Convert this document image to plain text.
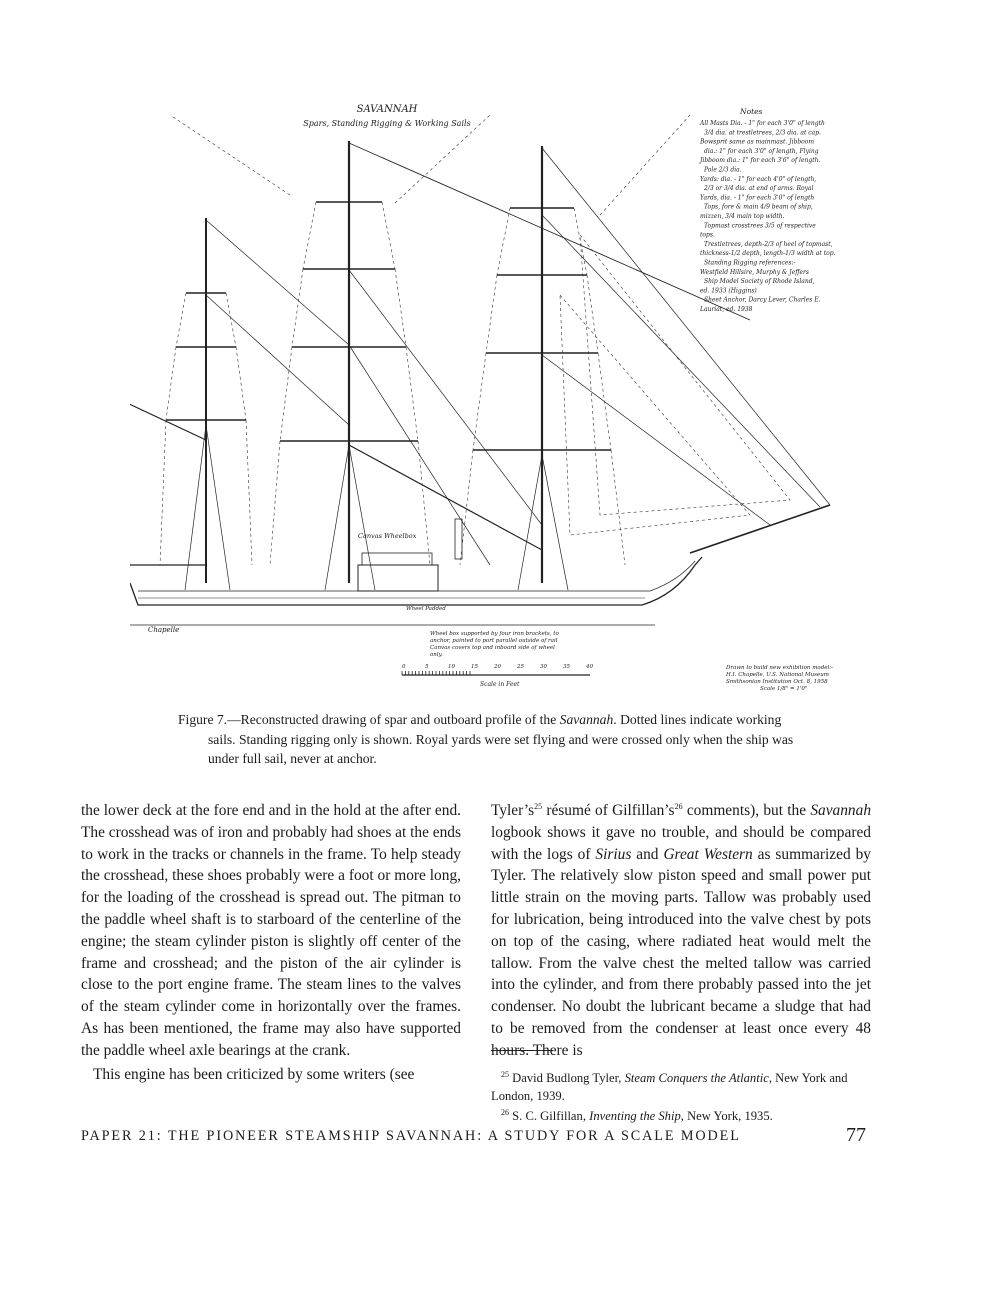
SAVANNAH
Spars, Standing Rigging & Working Sails
Notes
All Masts Dia. - 1" for each 3'0" of length
3/4 dia. at trestletrees, 2/3 dia. at cap.
Bowsprit same as mainmast. Jibboom
dia.: 1" for each 3'0" of length, Flying
Jibboom dia.: 1" for each 3'6" of length.
Pole 2/3 dia.
Yards: dia. - 1" for each 4'0" of length,
2/3 or 3/4 dia. at end of arms. Royal
Yards, dia. - 1" for each 3'0" of length
Tops, fore & main 4/9 beam of ship,
mizzen, 3/4 main top width.
Topmast crosstrees 3/5 of respective
tops.
Trestletrees, depth-2/3 of heel of topmast,
thickness-1/2 depth, length-1/3 width at top.
Standing Rigging references:-
Westfield Hillsire, Murphy & Jeffers
Ship Model Society of Rhode Island,
ed. 1933 (Higgins)
Sheet Anchor, Darcy Lever, Charles E.
Lauriat, ed. 1938
Canvas Wheelbox
Wheel Padded
Chapelle	Wheel box supported by four iron brackets, to
anchor, painted to port parallel outside of rail
Canvas covers top and inboard side of wheel
only.
0	5	10	15	20	25	30	35	40
Scale in Feet
Drawn to build new exhibition model:-
H.I. Chapelle, U.S. National Museum
Smithsonian Institution Oct. 8, 1958
Scale 1/8" = 1'0"

Figure 7.—Reconstructed drawing of spar and outboard profile of the Savannah. Dotted lines indicate working sails. Standing rigging only is shown. Royal yards were set flying and were crossed only when the ship was under full sail, never at anchor.

the lower deck at the fore end and in the hold at the after end. The crosshead was of iron and probably had shoes at the ends to work in the tracks or channels in the frame. To help steady the crosshead, these shoes probably were a foot or more long, for the loading of the crosshead is spread out. The pitman to the paddle wheel shaft is to starboard of the centerline of the engine; the steam cylinder piston is slightly off center of the frame and crosshead; and the piston of the air cylinder is close to the port engine frame. The steam lines to the valves of the steam cylinder come in horizontally over the frames. As has been mentioned, the frame may also have supported the paddle wheel axle bearings at the crank.

This engine has been criticized by some writers (see

$Tyler’s^{25}$ résumé of $Gilfillan’s^{26}$ comments), but the Savannah logbook shows it gave no trouble, and should be compared with the logs of Sirius and Great Western as summarized by Tyler. The relatively slow piston speed and small power put little strain on the moving parts. Tallow was probably used for lubrication, being introduced into the valve chest by pots on top of the casing, where radiated heat would melt the tallow. From the valve chest the melted tallow was carried into the cylinder, and from there probably passed into the jet condenser. No doubt the lubricant became a sludge that had to be removed from the condenser at least once every 48 hours. There is

$^{25}$ David Budlong Tyler, Steam Conquers the Atlantic, New York and London, 1939.

$^{26}$ S. C. Gilfillan, Inventing the Ship, New York, 1935.

PAPER 21: THE PIONEER STEAMSHIP SAVANNAH: A STUDY FOR A SCALE MODEL	77
